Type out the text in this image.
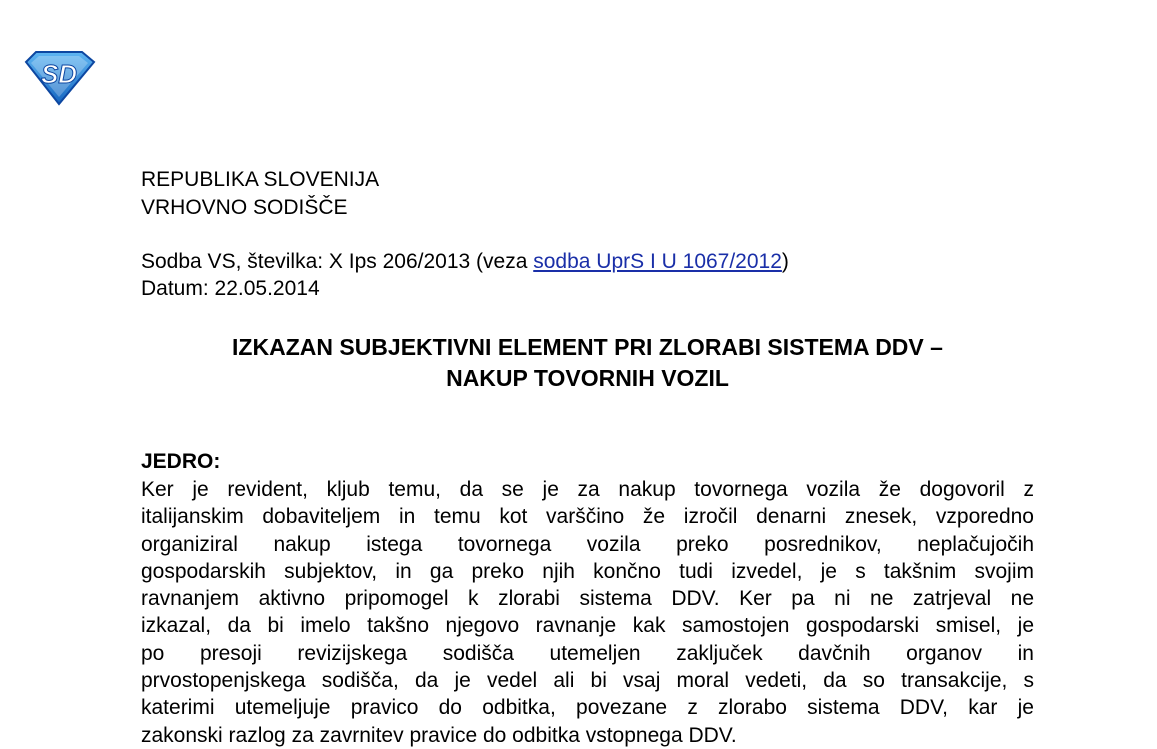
SD
REPUBLIKA SLOVENIJA
VRHOVNO SODIŠČE
Sodba VS, številka: X Ips 206/2013 (veza sodba UprS I U 1067/2012)
Datum: 22.05.2014
IZKAZAN SUBJEKTIVNI ELEMENT PRI ZLORABI SISTEMA DDV –
NAKUP TOVORNIH VOZIL
JEDRO:
Ker je revident, kljub temu, da se je za nakup tovornega vozila že dogovoril z
italijanskim dobaviteljem in temu kot varščino že izročil denarni znesek, vzporedno
organiziral nakup istega tovornega vozila preko posrednikov, neplačujočih
gospodarskih subjektov, in ga preko njih končno tudi izvedel, je s takšnim svojim
ravnanjem aktivno pripomogel k zlorabi sistema DDV. Ker pa ni ne zatrjeval ne
izkazal, da bi imelo takšno njegovo ravnanje kak samostojen gospodarski smisel, je
po presoji revizijskega sodišča utemeljen zaključek davčnih organov in
prvostopenjskega sodišča, da je vedel ali bi vsaj moral vedeti, da so transakcije, s
katerimi utemeljuje pravico do odbitka, povezane z zlorabo sistema DDV, kar je
zakonski razlog za zavrnitev pravice do odbitka vstopnega DDV.
